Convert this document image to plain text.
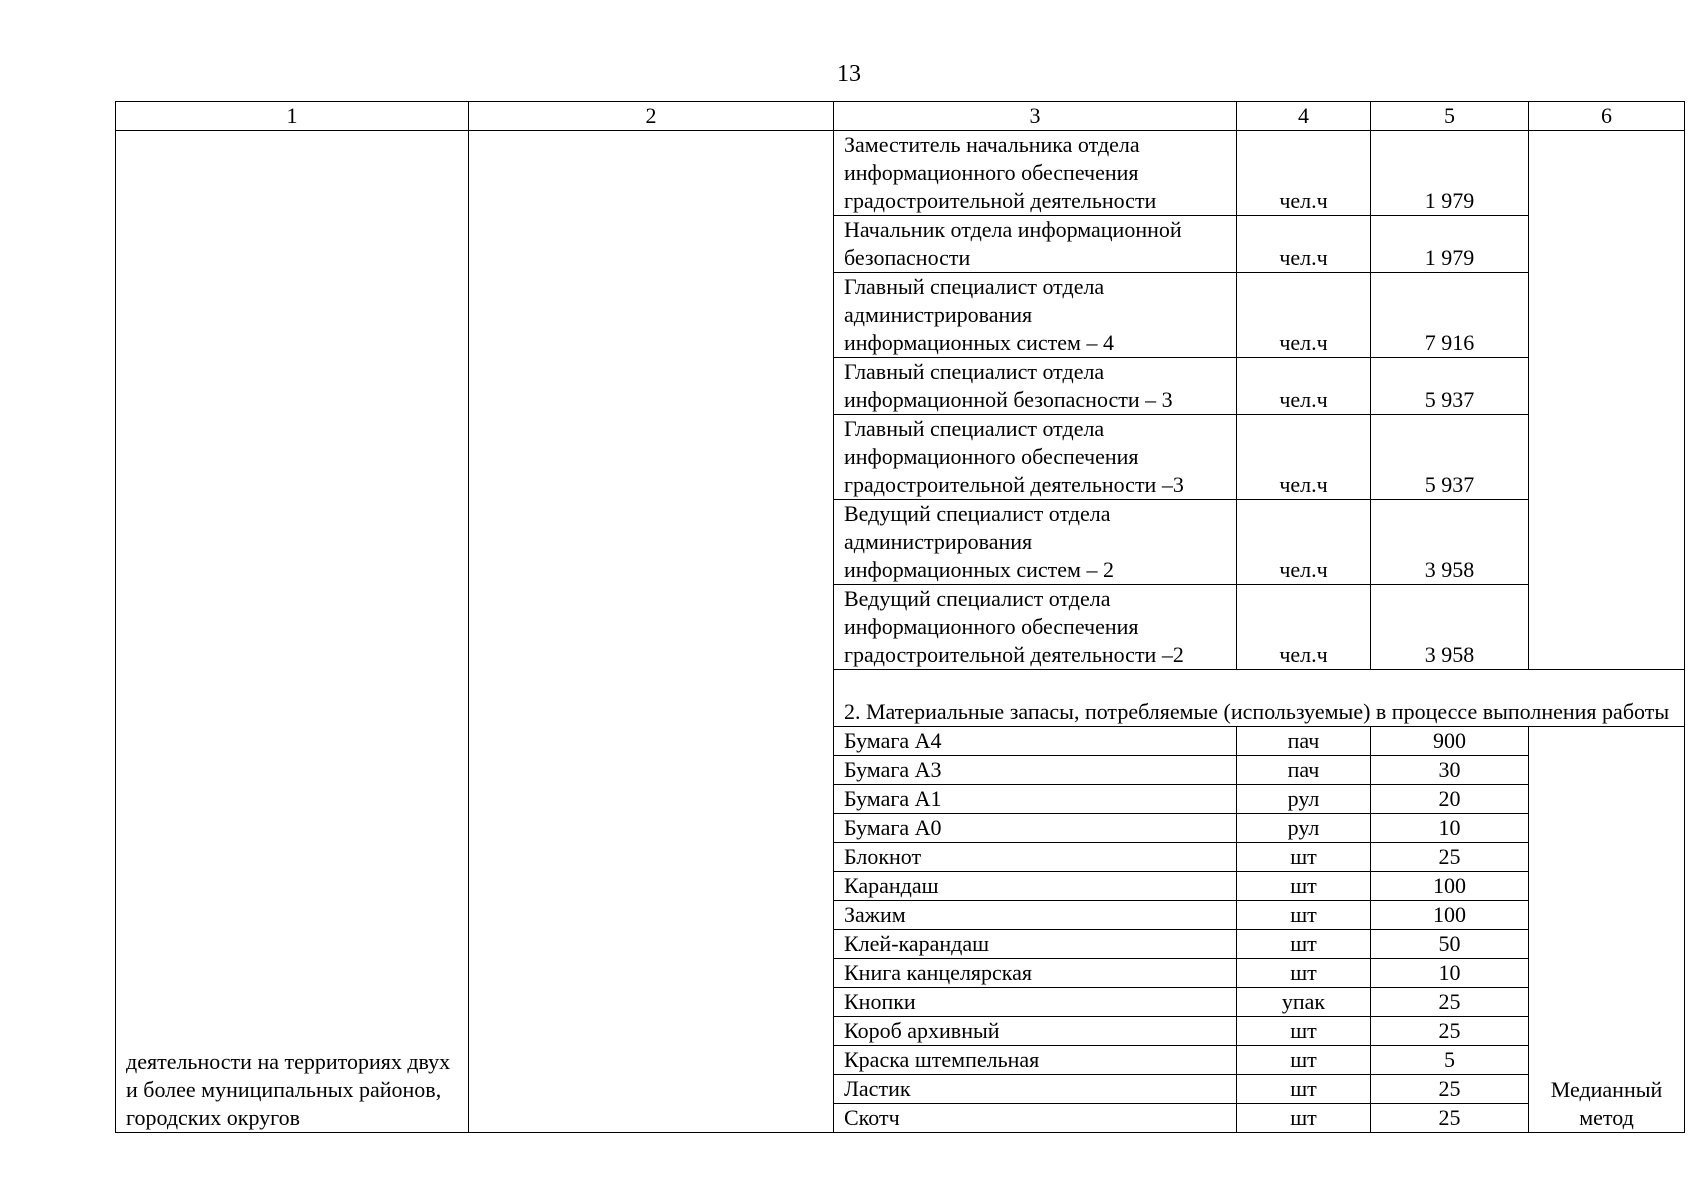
13
1	2	3	4	5	6
деятельности на территориях двух и более муниципальных районов, городских округов		Заместитель начальника отдела
информационного обеспечения
градостроительной деятельности	чел.ч	1 979	
		Начальник отдела информационной
безопасности	чел.ч	1 979	
		Главный специалист отдела
администрирования
информационных систем – 4	чел.ч	7 916	
		Главный специалист отдела
информационной безопасности – 3	чел.ч	5 937	
		Главный специалист отдела
информационного обеспечения
градостроительной деятельности –3	чел.ч	5 937	
		Ведущий специалист отдела
администрирования
информационных систем – 2	чел.ч	3 958	
		Ведущий специалист отдела
информационного обеспечения
градостроительной деятельности –2	чел.ч	3 958	
		2. Материальные запасы, потребляемые (используемые) в процессе выполнения работы			
		Бумага А4	пач	900	Медианный метод
		Бумага А3	пач	30	
		Бумага А1	рул	20	
		Бумага А0	рул	10	
		Блокнот	шт	25	
		Карандаш	шт	100	
		Зажим	шт	100	
		Клей-карандаш	шт	50	
		Книга канцелярская	шт	10	
		Кнопки	упак	25	
		Короб архивный	шт	25	
		Краска штемпельная	шт	5	
		Ластик	шт	25	
		Скотч	шт	25	
